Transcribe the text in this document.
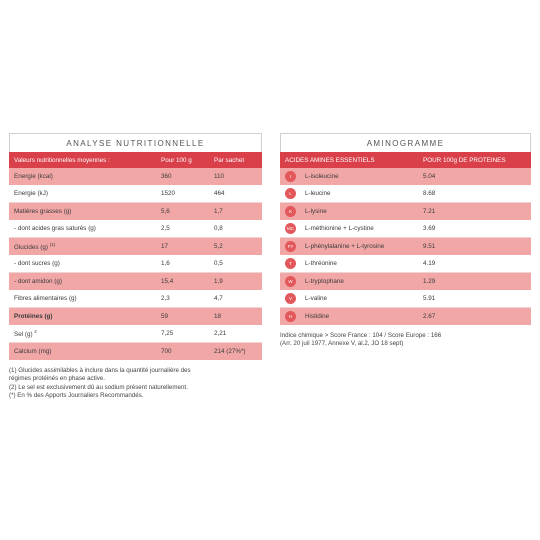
ANALYSE NUTRITIONNELLE
Valeurs nutritionnelles moyennes :	Pour 100 g	Par sachet
Energie (kcal)	360	110
Energie (kJ)	1520	464
Matières grasses (g)	5,6	1,7
- dont acides gras saturés (g)	2,5	0,8
Glucides (g) $^{(1)}$	17	5,2
- dont sucres (g)	1,6	0,5
- dont amidon (g)	15,4	1,9
Fibres alimentaires (g)	2,3	4,7
Protéines (g)	59	18
Sel (g) $^2$	7,25	2,21
Calcium (mg)	700	214 (27%*)
(1) Glucides assimilables à inclure dans la quantité journalière des
régimes protéinés en phase active.
(2) Le sel est exclusivement dû au sodium présent naturellement.
(*) En % des Apports Journaliers Recommandés.
AMINOGRAMME
ACIDES AMINES ESSENTIELS	POUR 100g DE PROTEINES
I L-isoleucine	5.04
L L-leucine	8.68
K L-lysine	7.21
MC L-méthionine + L-cystine	3.69
FY L-phénylalanine + L-tyrosine	9.51
T L-thréonine	4.19
W L-tryptophane	1.29
V L-valine	5.91
H Histidine	2.67
Indice chimique > Score France : 104 / Score Europe : 166
(Arr. 20 juil 1977, Annexe V, al.2, JO 18 sept)
